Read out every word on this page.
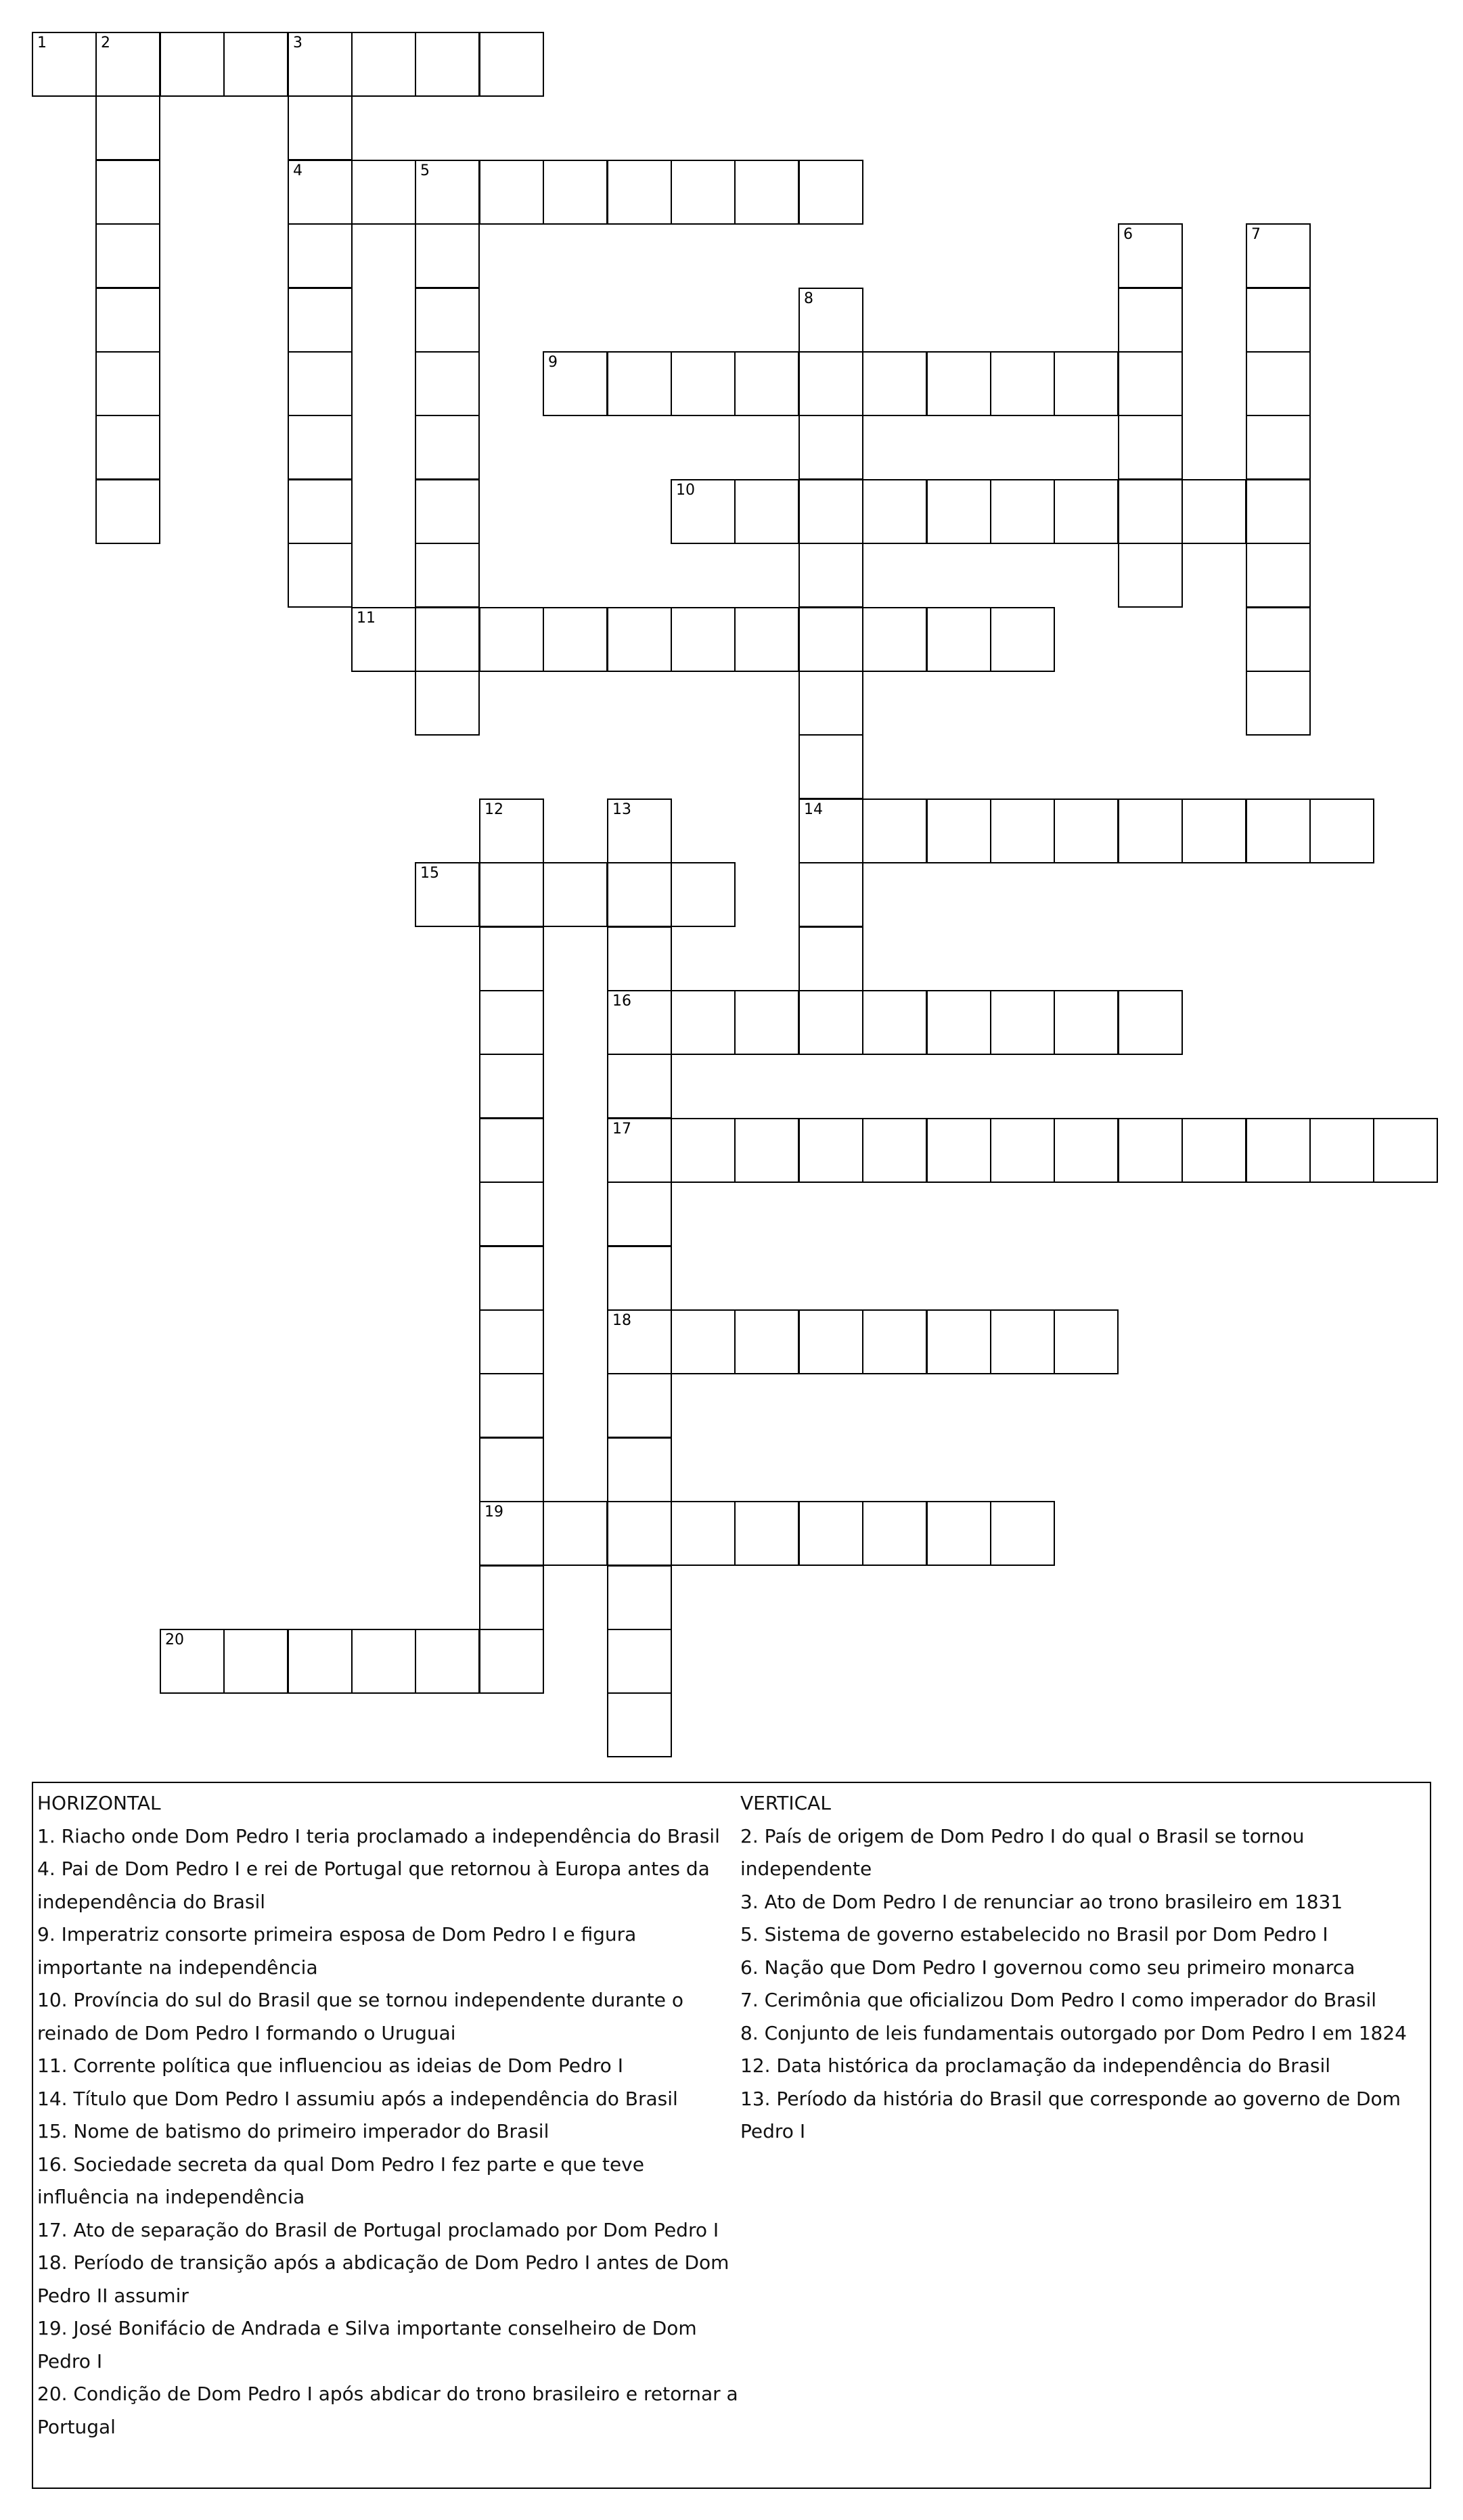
1	2	3
4	5
6	7
8
14
9
10
11
12
19
13
16
17
18
15
20
HORIZONTAL
1. Riacho onde Dom Pedro I teria proclamado a independência do Brasil
4. Pai de Dom Pedro I e rei de Portugal que retornou à Europa antes da independência do Brasil
9. Imperatriz consorte primeira esposa de Dom Pedro I e figura importante na independência
10. Província do sul do Brasil que se tornou independente durante o reinado de Dom Pedro I formando o Uruguai
11. Corrente política que influenciou as ideias de Dom Pedro I
14. Título que Dom Pedro I assumiu após a independência do Brasil
15. Nome de batismo do primeiro imperador do Brasil
16. Sociedade secreta da qual Dom Pedro I fez parte e que teve influência na independência
17. Ato de separação do Brasil de Portugal proclamado por Dom Pedro I
18. Período de transição após a abdicação de Dom Pedro I antes de Dom Pedro II assumir
19. José Bonifácio de Andrada e Silva importante conselheiro de Dom Pedro I
20. Condição de Dom Pedro I após abdicar do trono brasileiro e retornar a Portugal
VERTICAL
2. País de origem de Dom Pedro I do qual o Brasil se tornou independente
3. Ato de Dom Pedro I de renunciar ao trono brasileiro em 1831
5. Sistema de governo estabelecido no Brasil por Dom Pedro I
6. Nação que Dom Pedro I governou como seu primeiro monarca
7. Cerimônia que oficializou Dom Pedro I como imperador do Brasil
8. Conjunto de leis fundamentais outorgado por Dom Pedro I em 1824
12. Data histórica da proclamação da independência do Brasil
13. Período da história do Brasil que corresponde ao governo de Dom Pedro I
